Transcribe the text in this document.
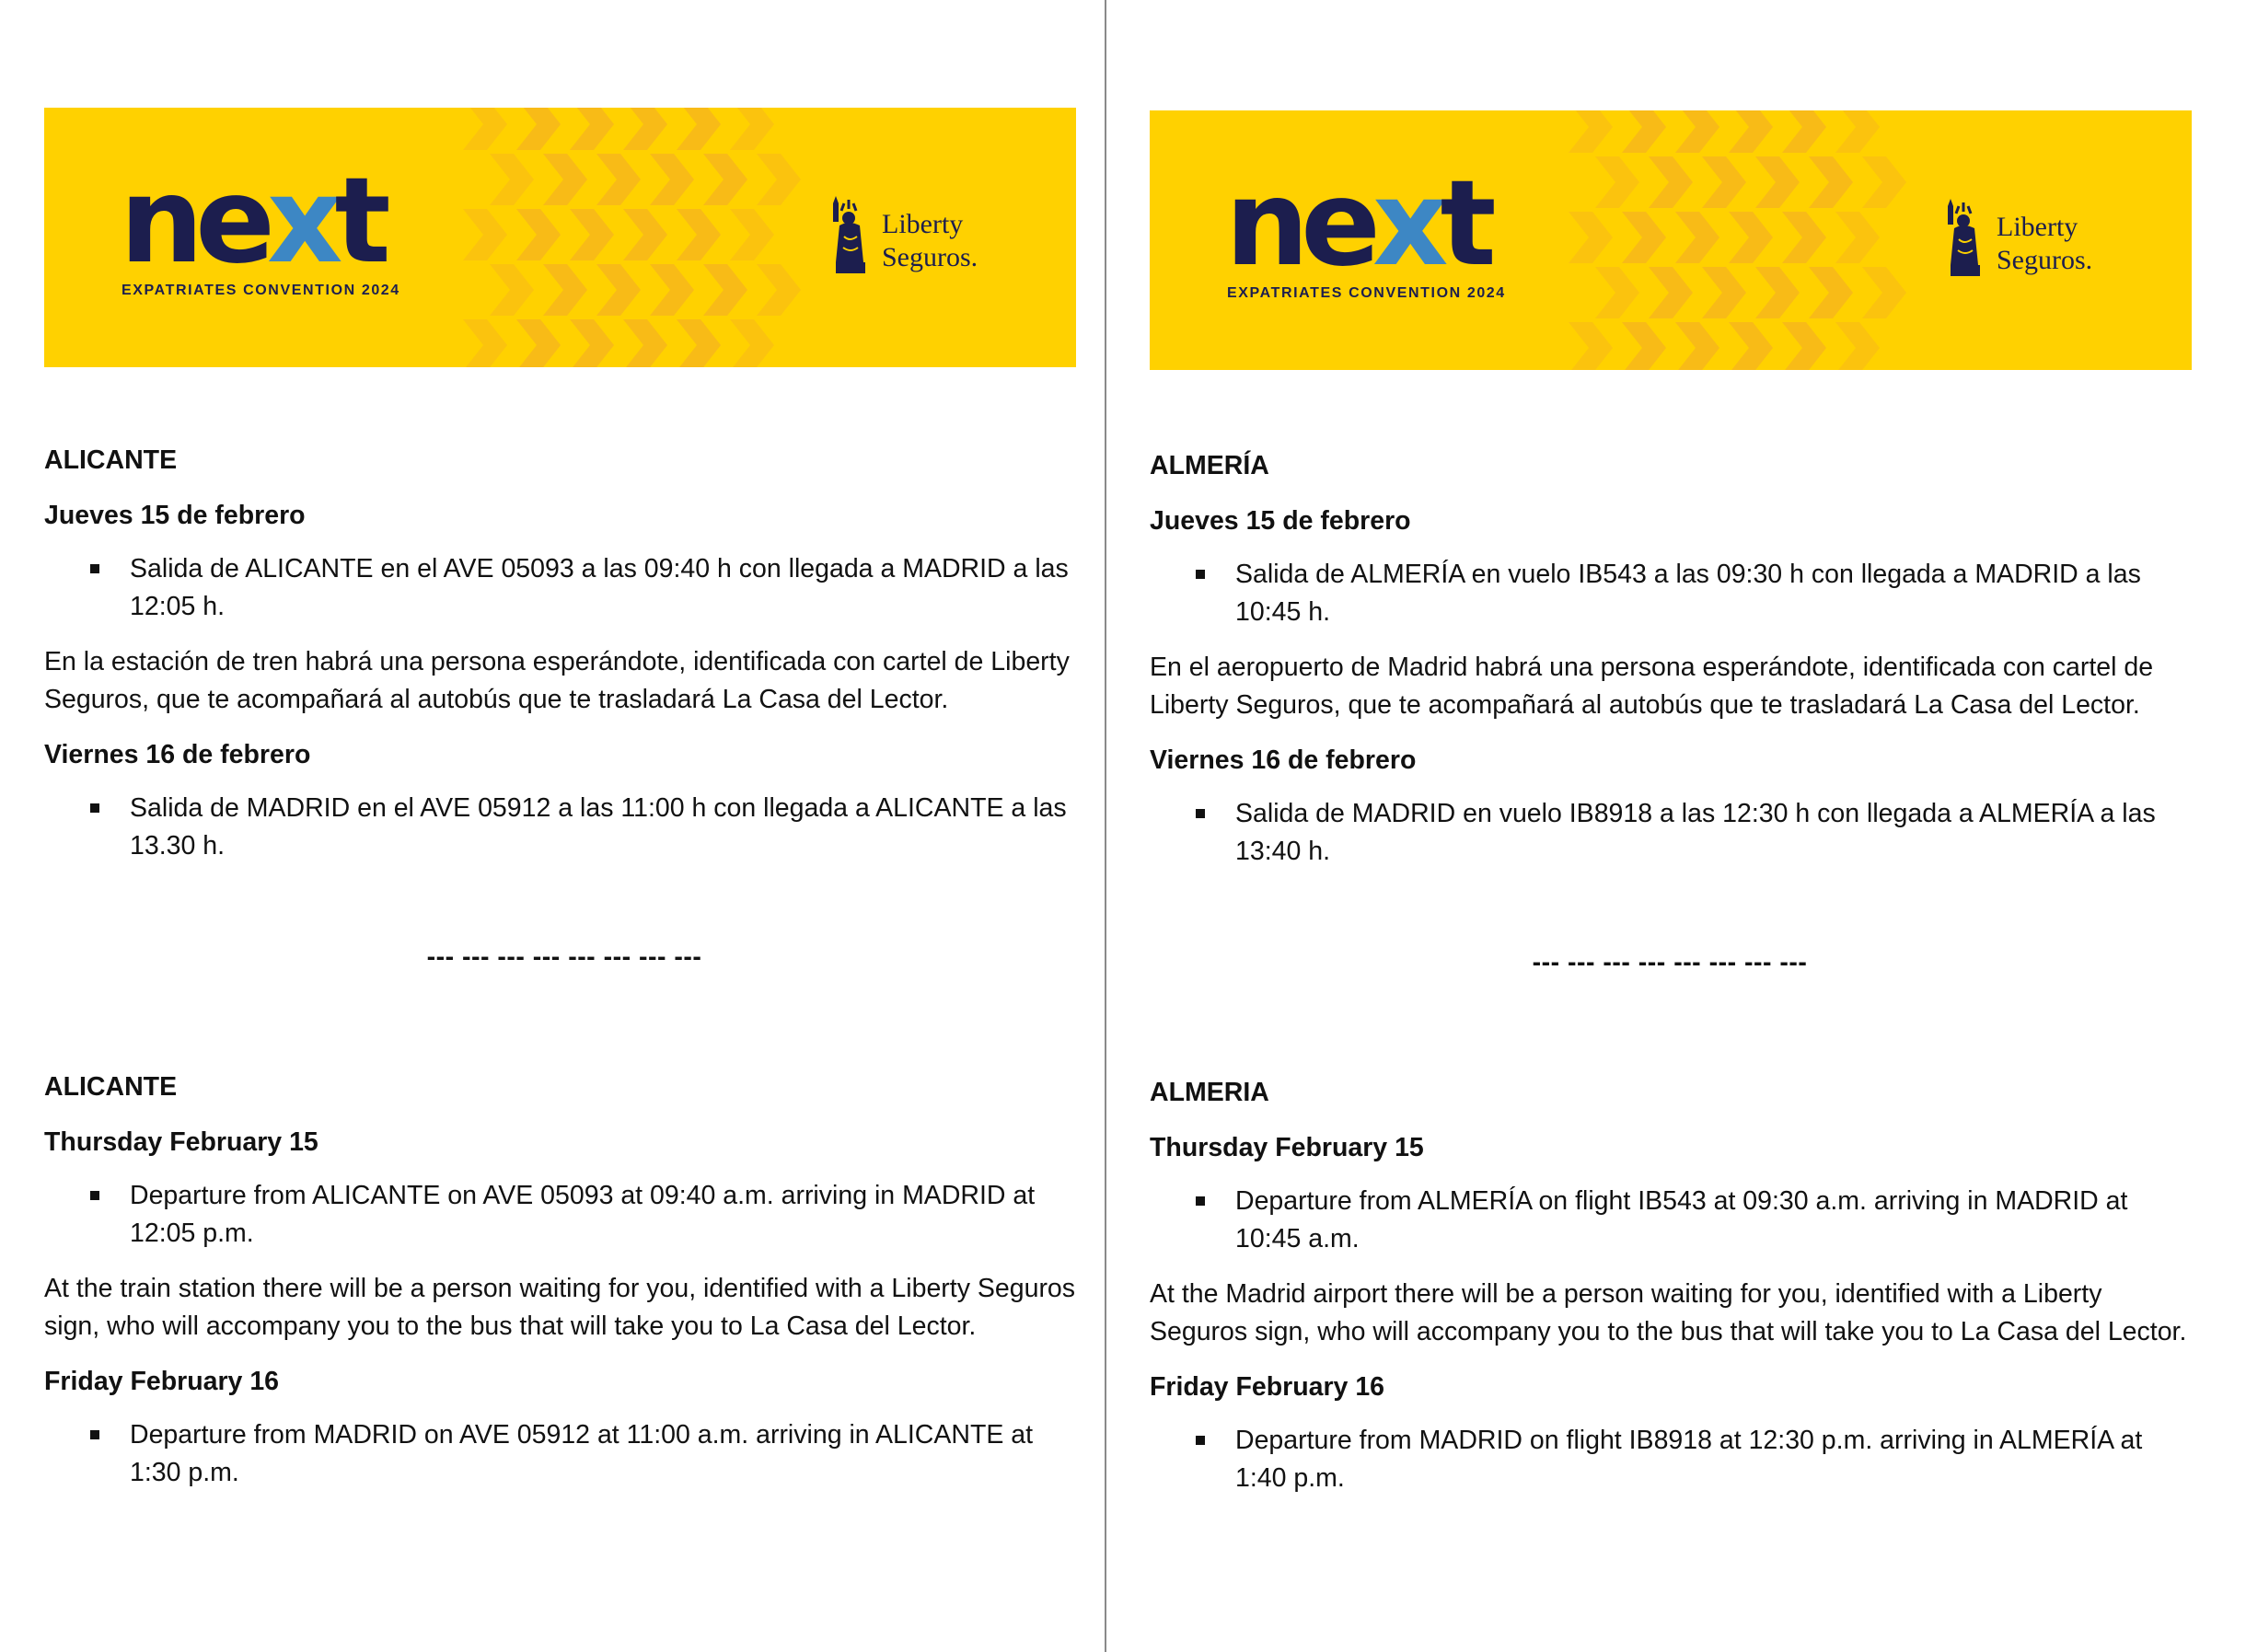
next
EXPATRIATES CONVENTION 2024
Liberty
Seguros.
ALICANTE
Jueves 15 de febrero
Salida de ALICANTE en el AVE 05093 a las 09:40 h con llegada a MADRID a las 12:05 h.
En la estación de tren habrá una persona esperándote, identificada con cartel de Liberty Seguros, que te acompañará al autobús que te trasladará La Casa del Lector.
Viernes 16 de febrero
Salida de MADRID en el AVE 05912 a las 11:00 h con llegada a ALICANTE a las 13.30 h.
--- --- --- --- --- --- --- ---
ALICANTE
Thursday February 15
Departure from ALICANTE on AVE 05093 at 09:40 a.m. arriving in MADRID at 12:05 p.m.
At the train station there will be a person waiting for you, identified with a Liberty Seguros sign, who will accompany you to the bus that will take you to La Casa del Lector.
Friday February 16
Departure from MADRID on AVE 05912 at 11:00 a.m. arriving in ALICANTE at 1:30 p.m.
next
EXPATRIATES CONVENTION 2024
Liberty
Seguros.
ALMERÍA
Jueves 15 de febrero
Salida de ALMERÍA en vuelo IB543 a las 09:30 h con llegada a MADRID a las 10:45 h.
En el aeropuerto de Madrid habrá una persona esperándote, identificada con cartel de Liberty Seguros, que te acompañará al autobús que te trasladará La Casa del Lector.
Viernes 16 de febrero
Salida de MADRID en vuelo IB8918 a las 12:30 h con llegada a ALMERÍA a las 13:40 h.
--- --- --- --- --- --- --- ---
ALMERIA
Thursday February 15
Departure from ALMERÍA on flight IB543 at 09:30 a.m. arriving in MADRID at 10:45 a.m.
At the Madrid airport there will be a person waiting for you, identified with a Liberty Seguros sign, who will accompany you to the bus that will take you to La Casa del Lector.
Friday February 16
Departure from MADRID on flight IB8918 at 12:30 p.m. arriving in ALMERÍA at 1:40 p.m.
